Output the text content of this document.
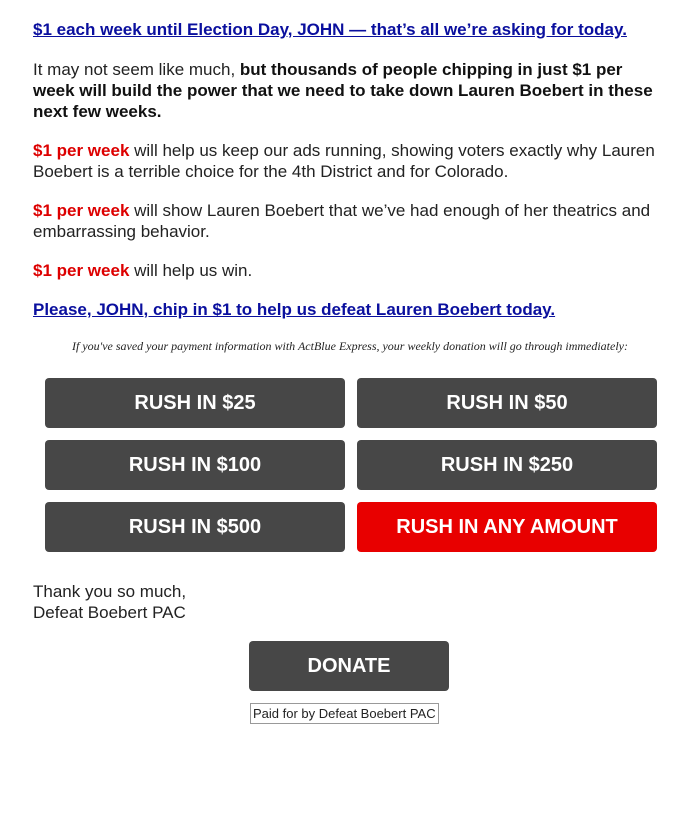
$1 each week until Election Day, JOHN — that’s all we’re asking for today.

It may not seem like much, but thousands of people chipping in just $1 per week will build the power that we need to take down Lauren Boebert in these next few weeks.

$1 per week will help us keep our ads running, showing voters exactly why Lauren Boebert is a terrible choice for the 4th District and for Colorado.

$1 per week will show Lauren Boebert that we’ve had enough of her theatrics and embarrassing behavior.

$1 per week will help us win.

Please, JOHN, chip in $1 to help us defeat Lauren Boebert today.

If you've saved your payment information with ActBlue Express, your weekly donation will go through immediately:
RUSH IN $25	RUSH IN $50
RUSH IN $100	RUSH IN $250
RUSH IN $500	RUSH IN ANY AMOUNT
Thank you so much,
Defeat Boebert PAC
DONATE
Paid for by Defeat Boebert PAC
